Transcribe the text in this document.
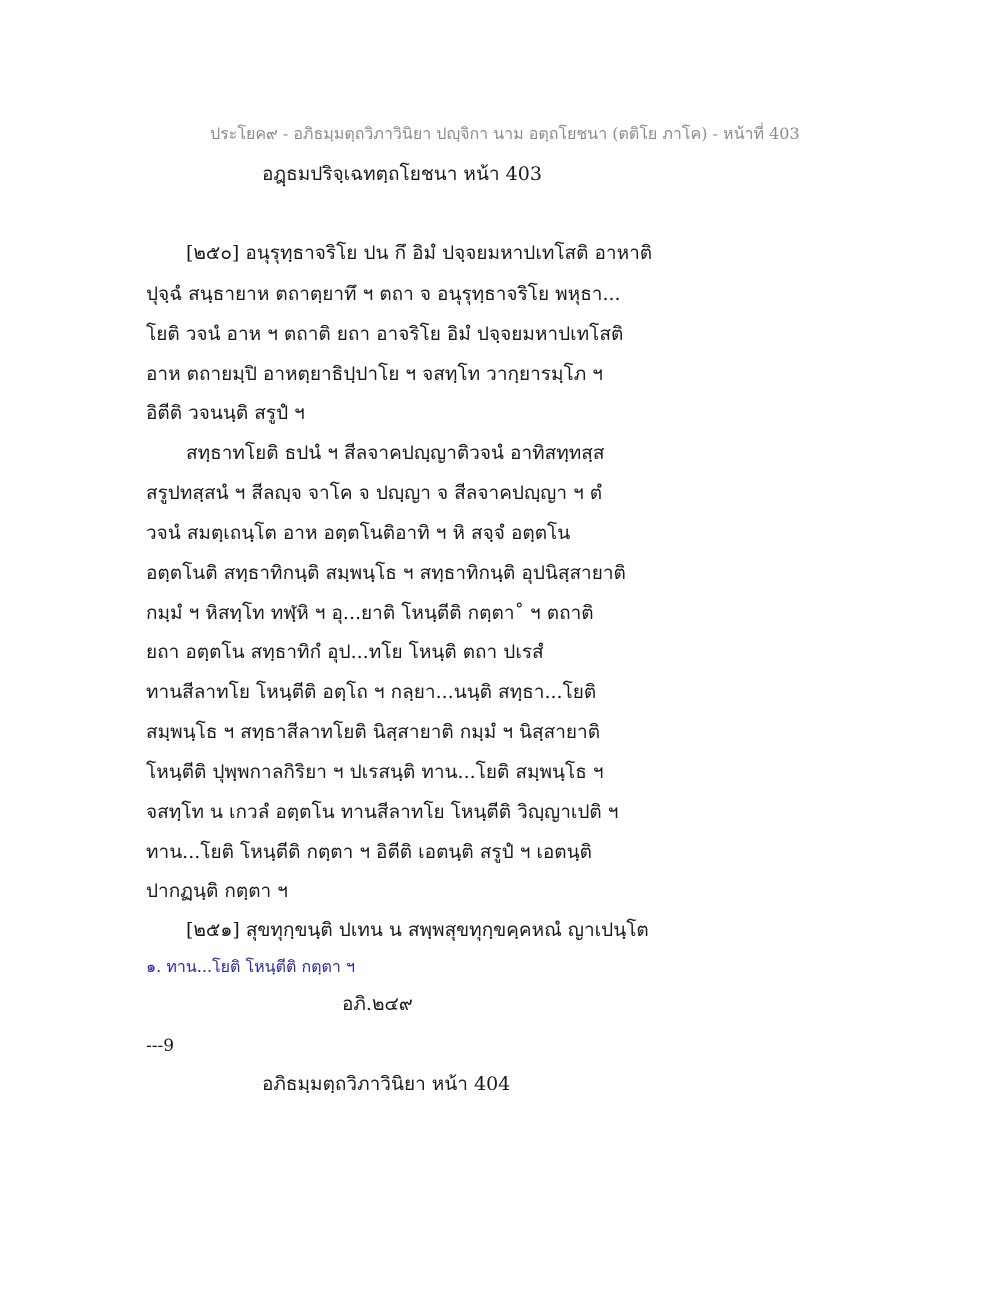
ประโยค๙ - อภิธมฺมตฺถวิภาวินิยา ปญฺจิกา นาม อตฺถโยชนา (ตติโย ภาโค) - หน้าที่ 403
อฎฺธมปริจฺเฉทตฺถโยชนา หน้า 403
[๒๕๐] อนุรุทฺธาจริโย ปน กึ อิมํ ปจฺจยมหาปเทโสติ อาหาติ
ปุจฺฉํ สนฺธายาห ตถาตฺยาทึ ฯ ตถา จ อนุรุทฺธาจริโย พหุธา...
โยติ วจนํ อาห ฯ ตถาติ ยถา อาจริโย อิมํ ปจฺจยมหาปเทโสติ
อาห ตถายมฺปิ อาหตฺยาธิปฺปาโย ฯ จสทฺโท วากฺยารมฺโภ ฯ
อิตีติ วจนนฺติ สรูปํ ฯ
สทฺธาทโยติ ธปนํ ฯ สีลจาคปญฺญาติวจนํ อาทิสทฺทสฺส
สรูปทสฺสนํ ฯ สีลญฺจ จาโค จ ปญฺญา จ สีลจาคปญฺญา ฯ ตํ
วจนํ สมตฺเถนฺโต อาห อตฺตโนติอาทิ ฯ หิ สจฺจํ อตฺตโน
อตฺตโนติ สทฺธาทิกนฺติ สมฺพนฺโธ ฯ สทฺธาทิกนฺติ อุปนิสฺสายาติ
กมฺมํ ฯ หิสทฺโท ทฬฺหิ ฯ อุ...ยาติ โหนฺตีติ กตฺตา˚ ฯ ตถาติ
ยถา อตฺตโน สทฺธาทิกํ อุป...ทโย โหนฺติ ตถา ปเรสํ
ทานสีลาทโย โหนฺตีติ อตฺโถ ฯ กลฺยา...นนฺติ สทฺธา...โยติ
สมฺพนฺโธ ฯ สทฺธาสีลาทโยติ นิสฺสายาติ กมฺมํ ฯ นิสฺสายาติ
โหนฺตีติ ปุพฺพกาลกิริยา ฯ ปเรสนฺติ ทาน...โยติ สมฺพนฺโธ ฯ
จสทฺโท น เกวลํ อตฺตโน ทานสีลาทโย โหนฺตีติ วิญฺญาเปติ ฯ
ทาน...โยติ โหนฺตีติ กตฺตา ฯ อิตีติ เอตนฺติ สรูปํ ฯ เอตนฺติ
ปากฏนฺติ กตฺตา ฯ
[๒๕๑] สุขทุกฺขนฺติ ปเทน น สพฺพสุขทุกฺขคฺคหณํ ญาเปนฺโต
๑. ทาน...โยติ โหนฺตีติ กตฺตา ฯ
อภิ.๒๔๙
---9
อภิธมฺมตฺถวิภาวินิยา หน้า 404
